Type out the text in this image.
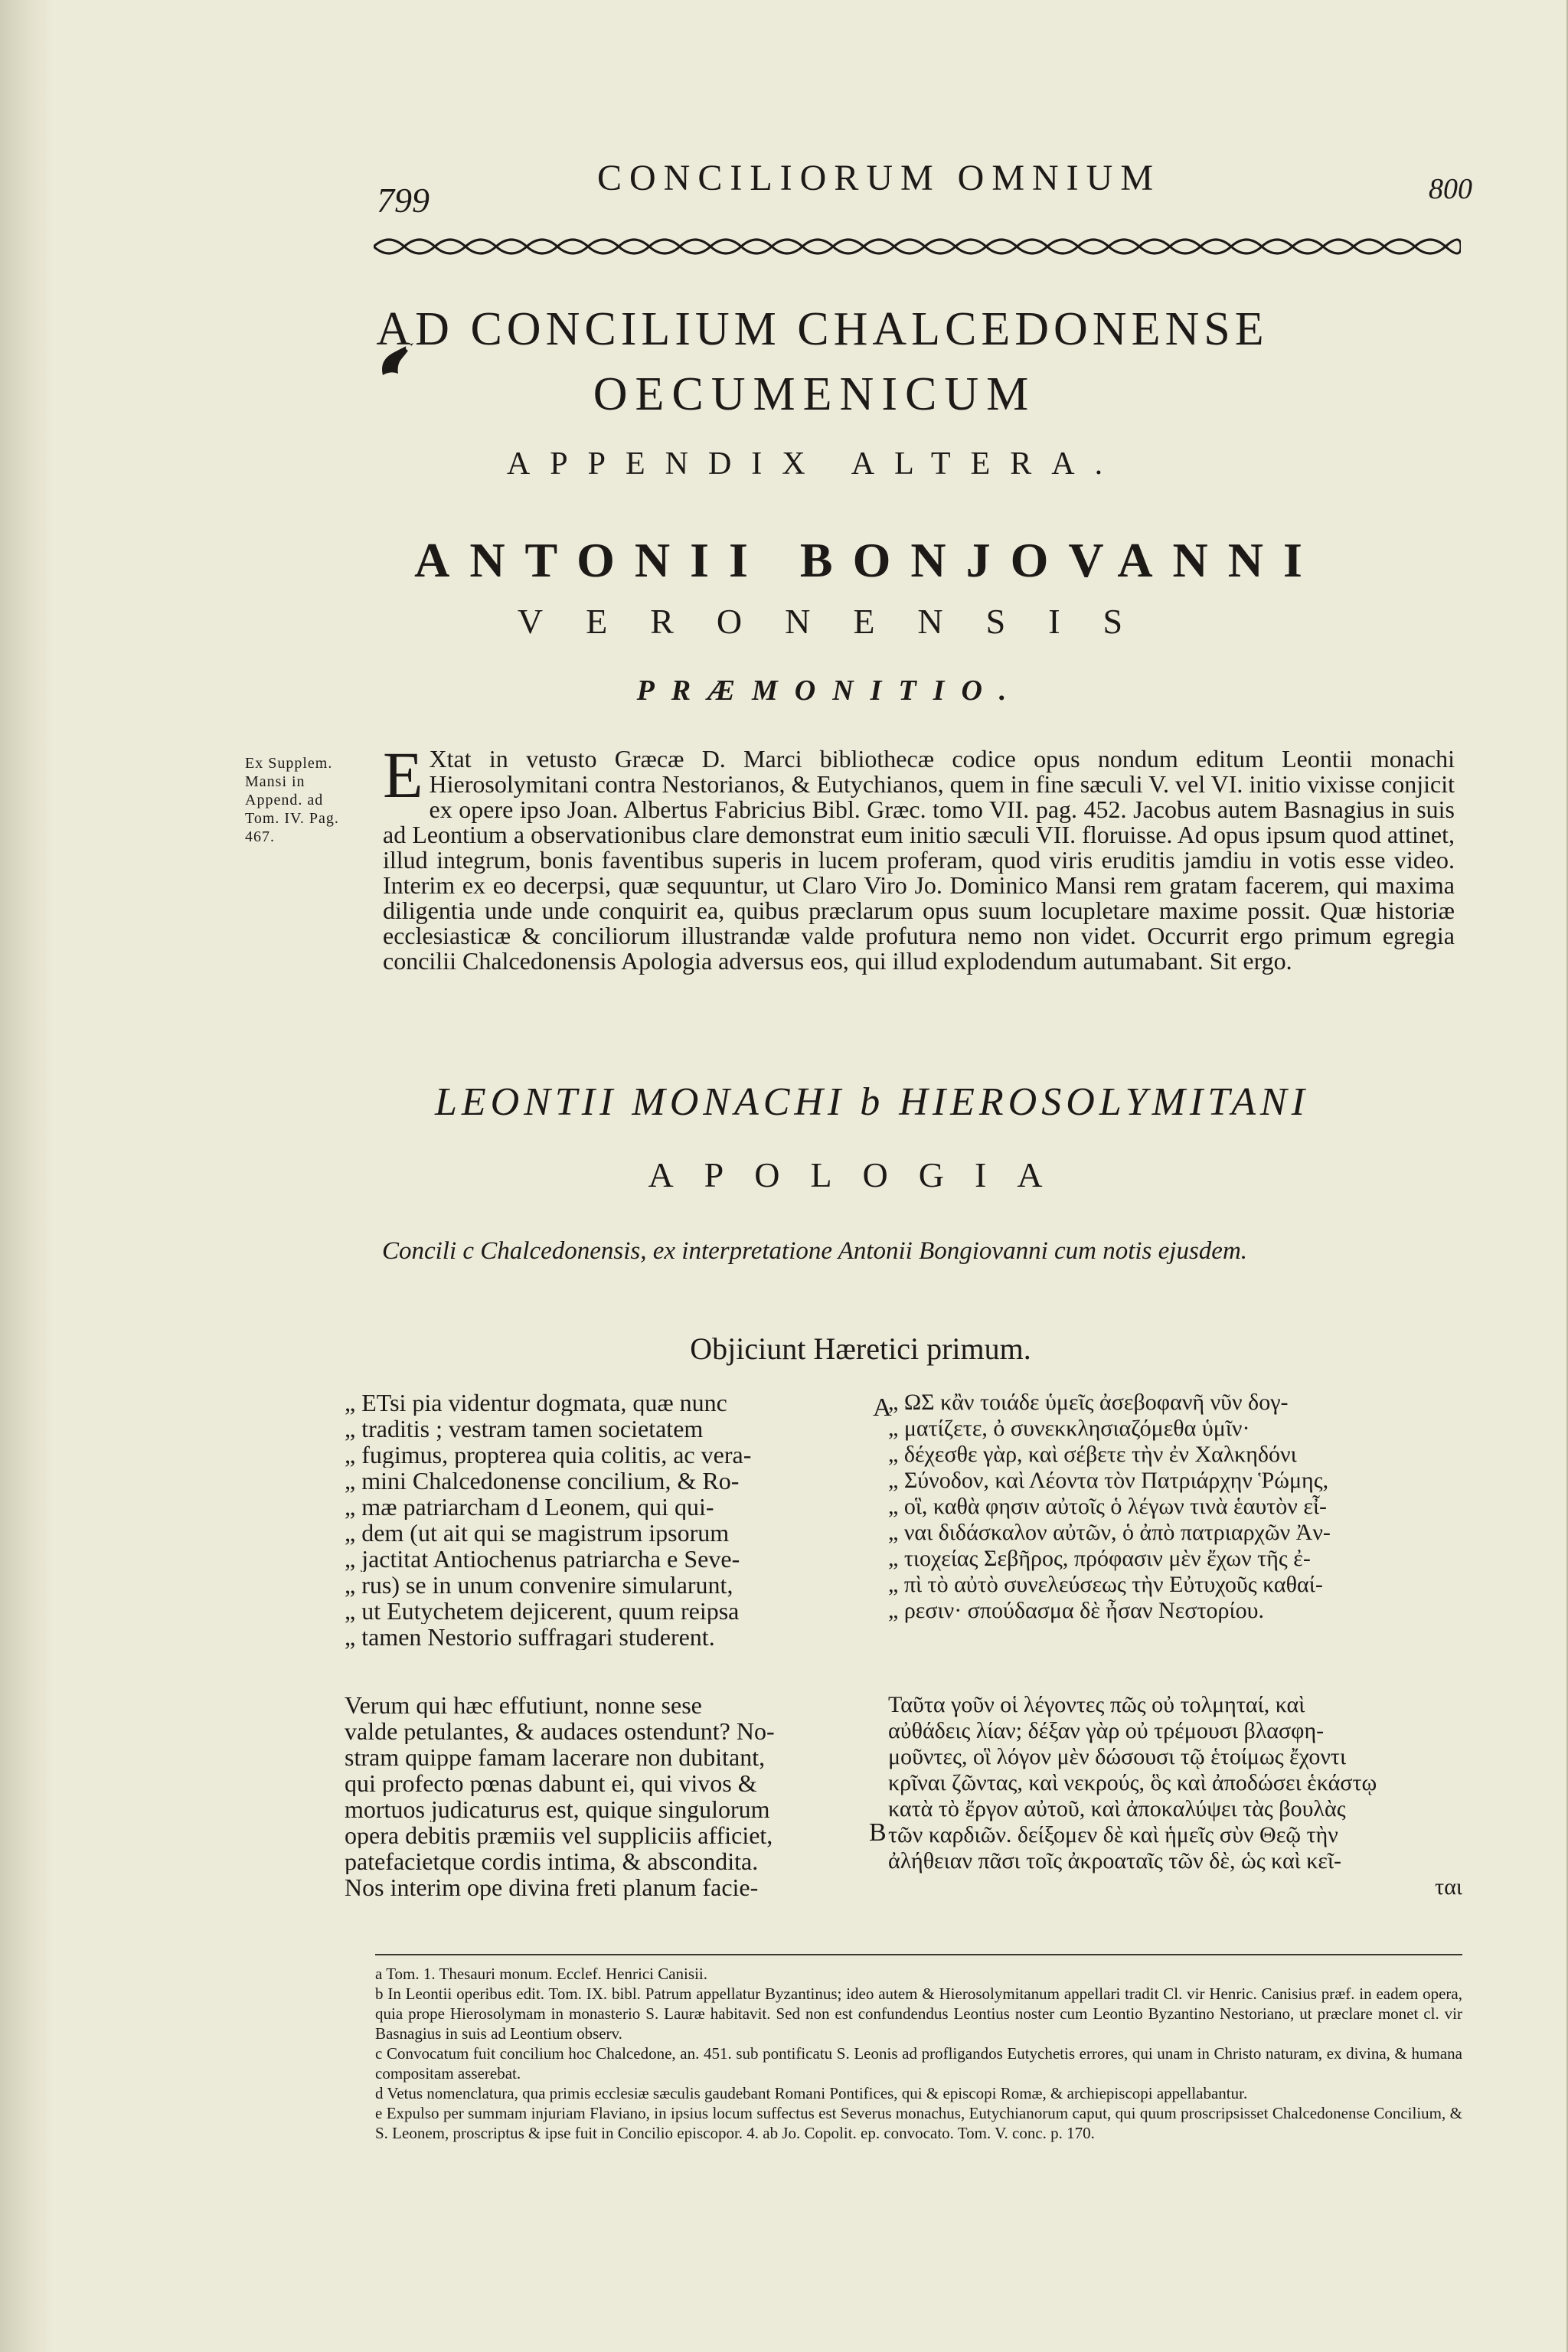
799
CONCILIORUM OMNIUM	800
AD CONCILIUM CHALCEDONENSE
OECUMENICUM
APPENDIX ALTERA.
ANTONII BONJOVANNI
VERONENSIS
PRÆMONITIO.
Ex Supplem. Mansi in Append. ad Tom. IV. Pag. 467.
E Xtat in vetusto Græcæ D. Marci bibliothecæ codice opus nondum editum Leontii monachi Hierosolymitani contra Nestorianos, & Eutychianos, quem in fine sæculi V. vel VI. initio vixisse conjicit ex opere ipso Joan. Albertus Fabricius Bibl. Græc. tomo VII. pag. 452. Jacobus autem Basnagius in suis ad Leontium a observationibus clare demonstrat eum initio sæculi VII. floruisse. Ad opus ipsum quod attinet, illud integrum, bonis faventibus superis in lucem proferam, quod viris eruditis jamdiu in votis esse video. Interim ex eo decerpsi, quæ sequuntur, ut Claro Viro Jo. Dominico Mansi rem gratam facerem, qui maxima diligentia unde unde conquirit ea, quibus præclarum opus suum locupletare maxime possit. Quæ historiæ ecclesiasticæ & conciliorum illustrandæ valde profutura nemo non videt. Occurrit ergo primum egregia concilii Chalcedonensis Apologia adversus eos, qui illud explodendum autumabant. Sit ergo.
LEONTII MONACHI b HIEROSOLYMITANI
APOLOGIA
Concili c Chalcedonensis, ex interpretatione Antonii Bongiovanni cum notis ejusdem.
Objiciunt Hæretici primum.
„ ETsi pia videntur dogmata, quæ nunc
„ traditis ; vestram tamen societatem
„ fugimus, propterea quia colitis, ac vera-
„ mini Chalcedonense concilium, & Ro-
„ mæ patriarcham d Leonem, qui qui-
„ dem (ut ait qui se magistrum ipsorum
„ jactitat Antiochenus patriarcha e Seve-
„ rus) se in unum convenire simularunt,
„ ut Eutychetem dejicerent, quum reipsa
„ tamen Nestorio suffragari studerent.
Verum qui hæc effutiunt, nonne sese
valde petulantes, & audaces ostendunt? No-
stram quippe famam lacerare non dubitant,
qui profecto pœnas dabunt ei, qui vivos &
mortuos judicaturus est, quique singulorum
opera debitis præmiis vel suppliciis afficiet,
patefacietque cordis intima, & abscondita.
Nos interim ope divina freti planum facie-
A
B
„ ΩΣ κἂν τοιάδε ὑμεῖς ἀσεβοφανῆ νῦν δογ-
„ ματίζετε, ὀ συνεκκλησιαζόμεθα ὑμῖν·
„ δέχεσθε γὰρ, καὶ σέβετε τὴν ἐν Χαλκηδόνι
„ Σύνοδον, καὶ Λέοντα τὸν Πατριάρχην Ῥώμης,
„ οἳ, καθὰ φησιν αὐτοῖς ὁ λέγων τινὰ ἑαυτὸν εἶ-
„ ναι διδάσκαλον αὐτῶν, ὁ ἀπὸ πατριαρχῶν Ἀν-
„ τιοχείας Σεβῆρος, πρόφασιν μὲν ἔχων τῆς ἐ-
„ πὶ τὸ αὐτὸ συνελεύσεως τὴν Εὐτυχοῦς καθαί-
„ ρεσιν· σπούδασμα δὲ ἦσαν Νεστορίου.
Ταῦτα γοῦν οἱ λέγοντες πῶς οὐ τολμηταί, καὶ
αὐθάδεις λίαν; δέξαν γὰρ οὐ τρέμουσι βλασφη-
μοῦντες, οἳ λόγον μὲν δώσουσι τῷ ἑτοίμως ἔχοντι
κρῖναι ζῶντας, καὶ νεκρούς, ὃς καὶ ἀποδώσει ἑκάστῳ
κατὰ τὸ ἔργον αὐτοῦ, καὶ ἀποκαλύψει τὰς βουλὰς
τῶν καρδιῶν. δείξομεν δὲ καὶ ἡμεῖς σὺν Θεῷ τὴν
ἀλήθειαν πᾶσι τοῖς ἀκροαταῖς τῶν δὲ, ὡς καὶ κεῖ-
ται
a Tom. 1. Thesauri monum. Ecclef. Henrici Canisii.
b In Leontii operibus edit. Tom. IX. bibl. Patrum appellatur Byzantinus; ideo autem & Hierosolymitanum appellari tradit Cl. vir Henric. Canisius præf. in eadem opera, quia prope Hierosolymam in monasterio S. Lauræ habitavit. Sed non est confundendus Leontius noster cum Leontio Byzantino Nestoriano, ut præclare monet cl. vir Basnagius in suis ad Leontium observ.
c Convocatum fuit concilium hoc Chalcedone, an. 451. sub pontificatu S. Leonis ad profligandos Eutychetis errores, qui unam in Christo naturam, ex divina, & humana compositam asserebat.
d Vetus nomenclatura, qua primis ecclesiæ sæculis gaudebant Romani Pontifices, qui & episcopi Romæ, & archiepiscopi appellabantur.
e Expulso per summam injuriam Flaviano, in ipsius locum suffectus est Severus monachus, Eutychianorum caput, qui quum proscripsisset Chalcedonense Concilium, & S. Leonem, proscriptus & ipse fuit in Concilio episcopor. 4. ab Jo. Copolit. ep. convocato. Tom. V. conc. p. 170.
